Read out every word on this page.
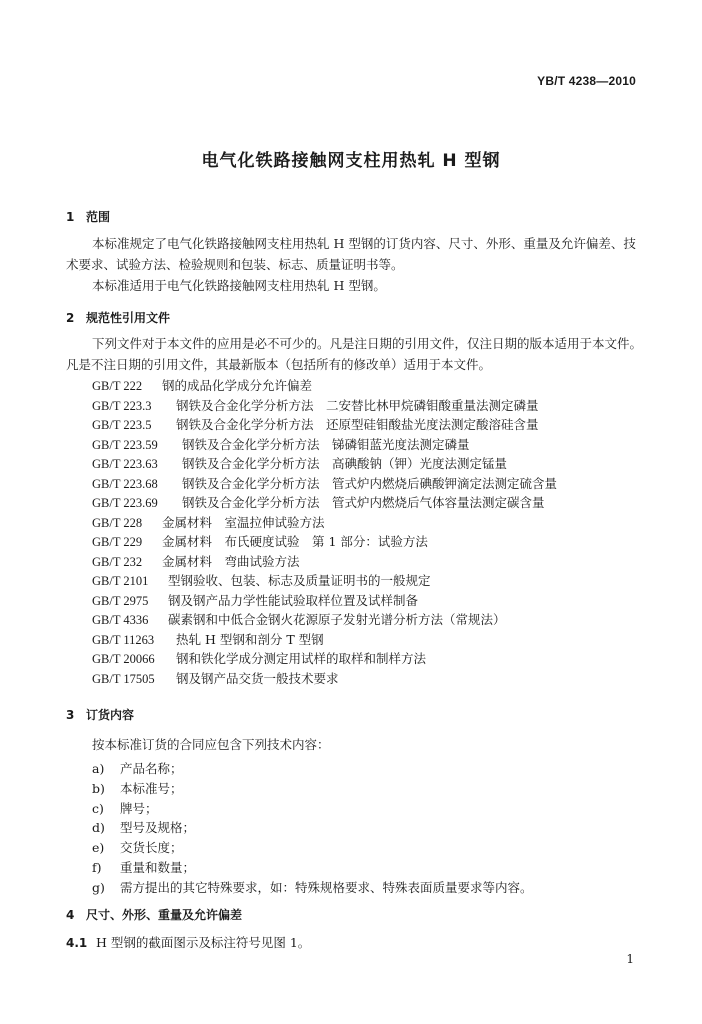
YB/T 4238—2010
电气化铁路接触网支柱用热轧 H 型钢
1 范围
本标准规定了电气化铁路接触网支柱用热轧 H 型钢的订货内容、尺寸、外形、重量及允许偏差、技术要求、试验方法、检验规则和包装、标志、质量证明书等。
本标准适用于电气化铁路接触网支柱用热轧 H 型钢。
2 规范性引用文件
下列文件对于本文件的应用是必不可少的。凡是注日期的引用文件，仅注日期的版本适用于本文件。凡是不注日期的引用文件，其最新版本（包括所有的修改单）适用于本文件。
GB/T 222 钢的成品化学成分允许偏差
GB/T 223.3 钢铁及合金化学分析方法　二安替比林甲烷磷钼酸重量法测定磷量
GB/T 223.5 钢铁及合金化学分析方法　还原型硅钼酸盐光度法测定酸溶硅含量
GB/T 223.59 钢铁及合金化学分析方法　锑磷钼蓝光度法测定磷量
GB/T 223.63 钢铁及合金化学分析方法　高碘酸钠（钾）光度法测定锰量
GB/T 223.68 钢铁及合金化学分析方法　管式炉内燃烧后碘酸钾滴定法测定硫含量
GB/T 223.69 钢铁及合金化学分析方法　管式炉内燃烧后气体容量法测定碳含量
GB/T 228 金属材料　室温拉伸试验方法
GB/T 229 金属材料　布氏硬度试验　第 1 部分：试验方法
GB/T 232 金属材料　弯曲试验方法
GB/T 2101 型钢验收、包装、标志及质量证明书的一般规定
GB/T 2975 钢及钢产品力学性能试验取样位置及试样制备
GB/T 4336 碳素钢和中低合金钢火花源原子发射光谱分析方法（常规法）
GB/T 11263 热轧 H 型钢和剖分 T 型钢
GB/T 20066 钢和铁化学成分测定用试样的取样和制样方法
GB/T 17505 钢及钢产品交货一般技术要求
3 订货内容
按本标准订货的合同应包含下列技术内容：
a) 产品名称；
b) 本标准号；
c) 牌号；
d) 型号及规格；
e) 交货长度；
f) 重量和数量；
g) 需方提出的其它特殊要求，如：特殊规格要求、特殊表面质量要求等内容。
4 尺寸、外形、重量及允许偏差
4.1 H 型钢的截面图示及标注符号见图 1。
1
